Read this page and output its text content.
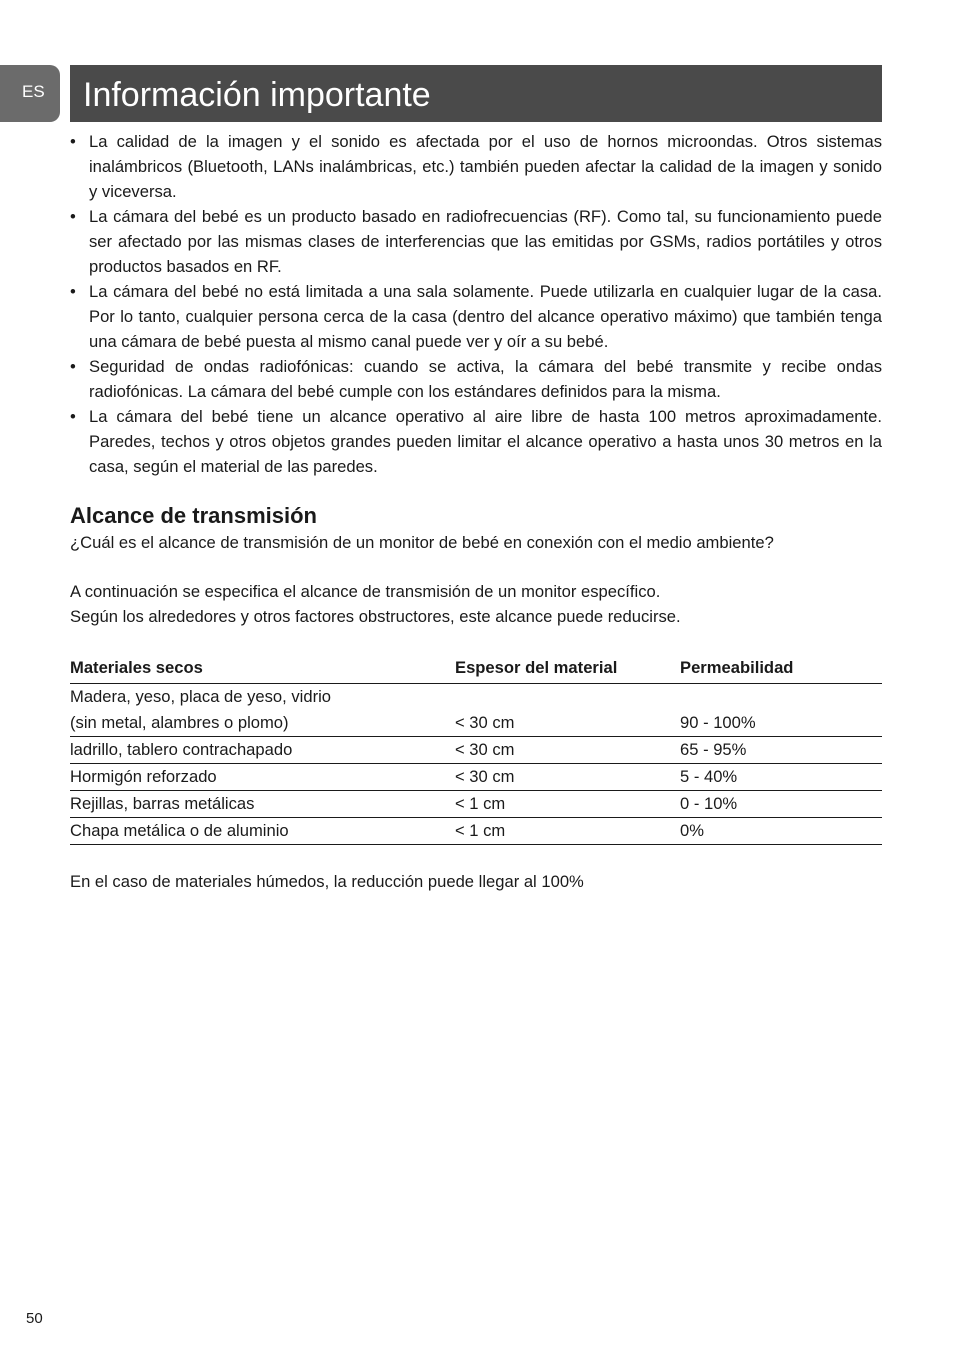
ES	Información importante
• La calidad de la imagen y el sonido es afectada por el uso de hornos microondas. Otros sistemas inalámbricos (Bluetooth, LANs inalámbricas, etc.) también pueden afectar la calidad de la imagen y sonido y viceversa.
• La cámara del bebé es un producto basado en radiofrecuencias (RF). Como tal, su funcionamiento puede ser afectado por las mismas clases de interferencias que las emitidas por GSMs, radios portátiles y otros productos basados en RF.
• La cámara del bebé no está limitada a una sala solamente. Puede utilizarla en cualquier lugar de la casa. Por lo tanto, cualquier persona cerca de la casa (dentro del alcance operativo máximo) que también tenga una cámara de bebé puesta al mismo canal puede ver y oír a su bebé.
• Seguridad de ondas radiofónicas: cuando se activa, la cámara del bebé transmite y recibe ondas radiofónicas. La cámara del bebé cumple con los estándares definidos para la misma.
• La cámara del bebé tiene un alcance operativo al aire libre de hasta 100 metros aproximadamente. Paredes, techos y otros objetos grandes pueden limitar el alcance operativo a hasta unos 30 metros en la casa, según el material de las paredes.
Alcance de transmisión

¿Cuál es el alcance de transmisión de un monitor de bebé en conexión con el medio ambiente?

A continuación se especifica el alcance de transmisión de un monitor específico.

Según los alrededores y otros factores obstructores, este alcance puede reducirse.

Materiales secos	Espesor del material	Permeabilidad

Madera, yeso, placa de yeso, vidrio
(sin metal, alambres o plomo)	< 30 cm	90 - 100%
ladrillo, tablero contrachapado	< 30 cm	65 - 95%
Hormigón reforzado	< 30 cm	5 - 40%
Rejillas, barras metálicas	< 1 cm	0 - 10%
Chapa metálica o de aluminio	< 1 cm	0%

En el caso de materiales húmedos, la reducción puede llegar al 100%

50
